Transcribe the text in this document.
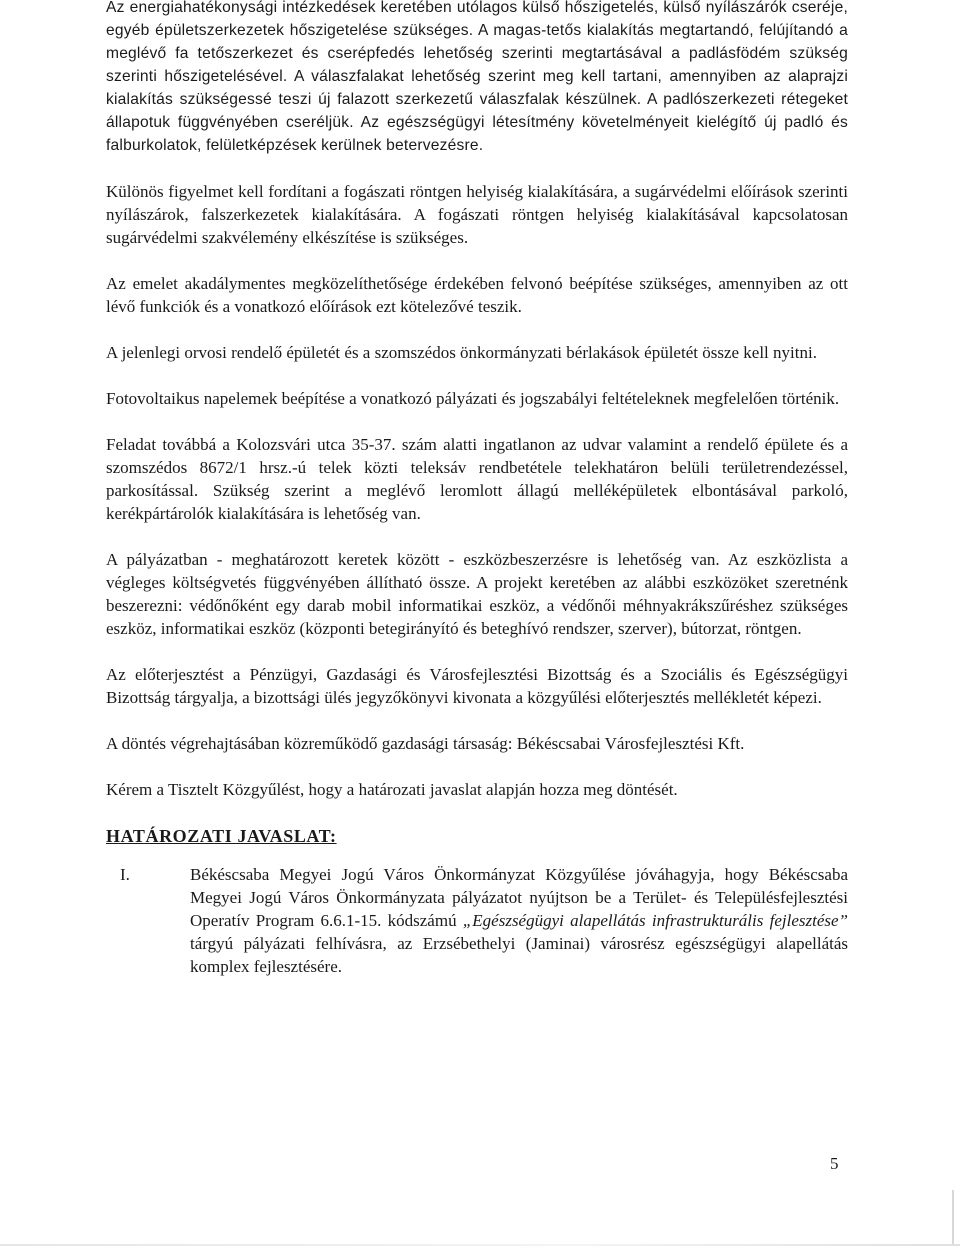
Az energiahatékonysági intézkedések keretében utólagos külső hőszigetelés, külső nyílászárók cseréje, egyéb épületszerkezetek hőszigetelése szükséges. A magas-tetős kialakítás megtartandó, felújítandó a meglévő fa tetőszerkezet és cserépfedés lehetőség szerinti megtartásával a padlásfödém szükség szerinti hőszigetelésével. A válaszfalakat lehetőség szerint meg kell tartani, amennyiben az alaprajzi kialakítás szükségessé teszi új falazott szerkezetű válaszfalak készülnek. A padlószerkezeti rétegeket állapotuk függvényében cseréljük. Az egészségügyi létesítmény követelményeit kielégítő új padló és falburkolatok, felületképzések kerülnek betervezésre.

Különös figyelmet kell fordítani a fogászati röntgen helyiség kialakítására, a sugárvédelmi előírások szerinti nyílászárok, falszerkezetek kialakítására. A fogászati röntgen helyiség kialakításával kapcsolatosan sugárvédelmi szakvélemény elkészítése is szükséges.

Az emelet akadálymentes megközelíthetősége érdekében felvonó beépítése szükséges, amennyiben az ott lévő funkciók és a vonatkozó előírások ezt kötelezővé teszik.

A jelenlegi orvosi rendelő épületét és a szomszédos önkormányzati bérlakások épületét össze kell nyitni.

Fotovoltaikus napelemek beépítése a vonatkozó pályázati és jogszabályi feltételeknek megfelelően történik.

Feladat továbbá a Kolozsvári utca 35-37. szám alatti ingatlanon az udvar valamint a rendelő épülete és a szomszédos 8672/1 hrsz.-ú telek közti teleksáv rendbetétele telekhatáron belüli területrendezéssel, parkosítással. Szükség szerint a meglévő leromlott állagú melléképületek elbontásával parkoló, kerékpártárolók kialakítására is lehetőség van.

A pályázatban - meghatározott keretek között - eszközbeszerzésre is lehetőség van. Az eszközlista a végleges költségvetés függvényében állítható össze. A projekt keretében az alábbi eszközöket szeretnénk beszerezni: védőnőként egy darab mobil informatikai eszköz, a védőnői méhnyakrákszűréshez szükséges eszköz, informatikai eszköz (központi betegirányító és beteghívó rendszer, szerver), bútorzat, röntgen.

Az előterjesztést a Pénzügyi, Gazdasági és Városfejlesztési Bizottság és a Szociális és Egészségügyi Bizottság tárgyalja, a bizottsági ülés jegyzőkönyvi kivonata a közgyűlési előterjesztés mellékletét képezi.

A döntés végrehajtásában közreműködő gazdasági társaság: Békéscsabai Városfejlesztési Kft.

Kérem a Tisztelt Közgyűlést, hogy a határozati javaslat alapján hozza meg döntését.

HATÁROZATI JAVASLAT:

I.	Békéscsaba Megyei Jogú Város Önkormányzat Közgyűlése jóváhagyja, hogy Békéscsaba Megyei Jogú Város Önkormányzata pályázatot nyújtson be a Terület- és Településfejlesztési Operatív Program 6.6.1-15. kódszámú „Egészségügyi alapellátás infrastrukturális fejlesztése” tárgyú pályázati felhívásra, az Erzsébethelyi (Jaminai) városrész egészségügyi alapellátás komplex fejlesztésére.
5
